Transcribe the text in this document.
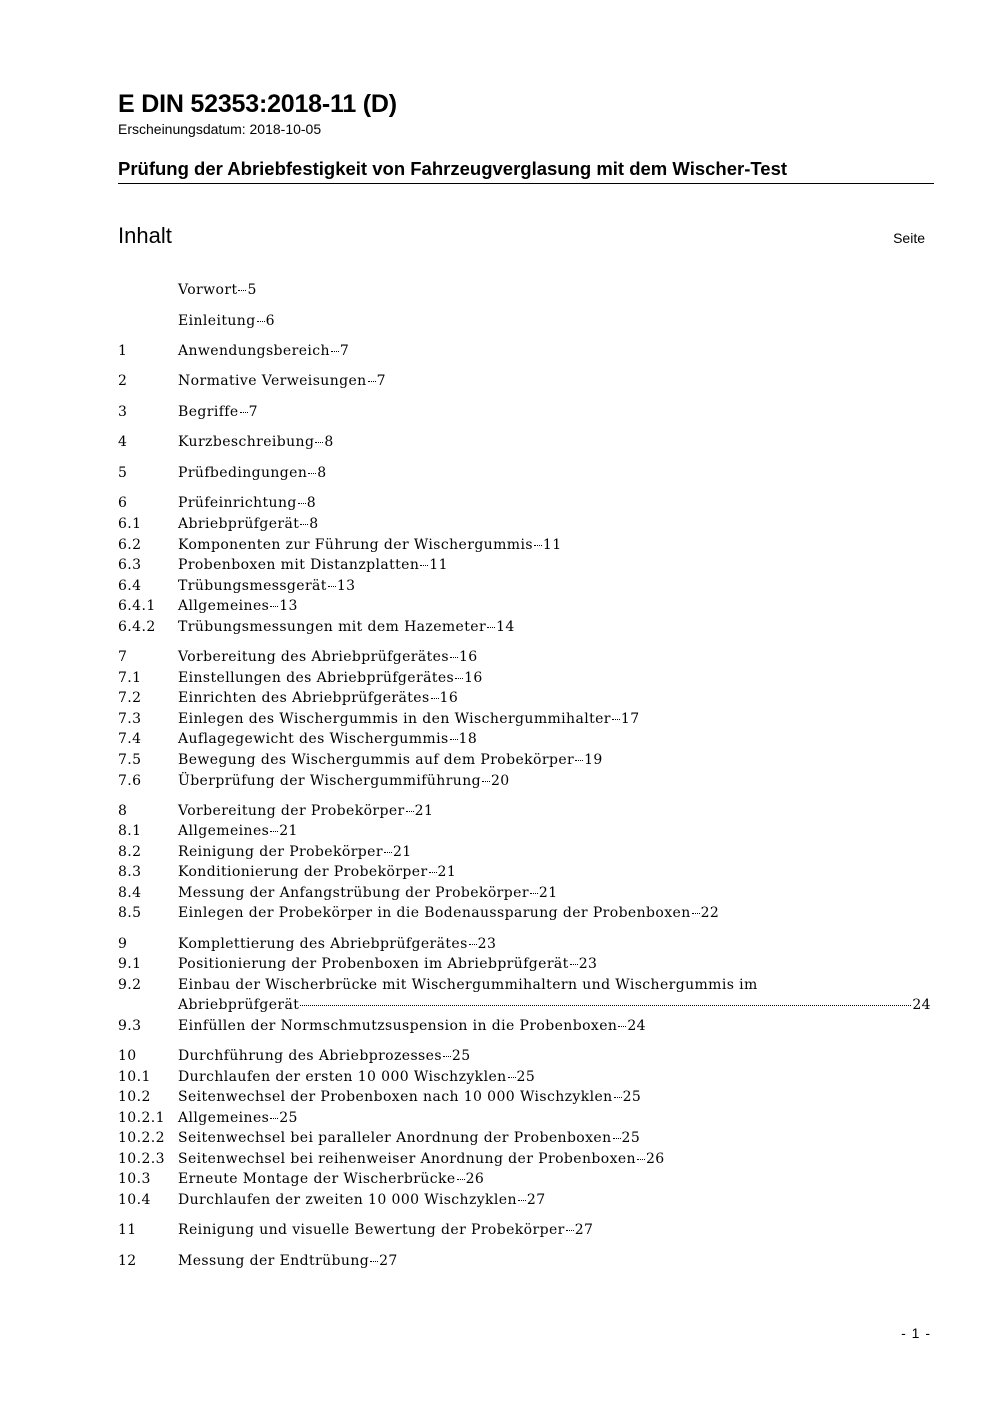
E DIN 52353:2018-11 (D)
Erscheinungsdatum: 2018-10-05
Prüfung der Abriebfestigkeit von Fahrzeugverglasung mit dem Wischer-Test
Inhalt	Seite
Vorwort 5
Einleitung 6
1	Anwendungsbereich 7
2	Normative Verweisungen 7
3	Begriffe 7
4	Kurzbeschreibung 8
5	Prüfbedingungen 8
6	Prüfeinrichtung 8
6.1	Abriebprüfgerät 8
6.2	Komponenten zur Führung der Wischergummis 11
6.3	Probenboxen mit Distanzplatten 11
6.4	Trübungsmessgerät 13
6.4.1	Allgemeines 13
6.4.2	Trübungsmessungen mit dem Hazemeter 14
7	Vorbereitung des Abriebprüfgerätes 16
7.1	Einstellungen des Abriebprüfgerätes 16
7.2	Einrichten des Abriebprüfgerätes 16
7.3	Einlegen des Wischergummis in den Wischergummihalter 17
7.4	Auflagegewicht des Wischergummis 18
7.5	Bewegung des Wischergummis auf dem Probekörper 19
7.6	Überprüfung der Wischergummiführung 20
8	Vorbereitung der Probekörper 21
8.1	Allgemeines 21
8.2	Reinigung der Probekörper 21
8.3	Konditionierung der Probekörper 21
8.4	Messung der Anfangstrübung der Probekörper 21
8.5	Einlegen der Probekörper in die Bodenaussparung der Probenboxen 22
9	Komplettierung des Abriebprüfgerätes 23
9.1	Positionierung der Probenboxen im Abriebprüfgerät 23
9.2	Einbau der Wischerbrücke mit Wischergummihaltern und Wischergummis im
Abriebprüfgerät	24
9.3	Einfüllen der Normschmutzsuspension in die Probenboxen 24
10	Durchführung des Abriebprozesses 25
10.1	Durchlaufen der ersten 10 000 Wischzyklen 25
10.2	Seitenwechsel der Probenboxen nach 10 000 Wischzyklen 25
10.2.1 Allgemeines 25
10.2.2 Seitenwechsel bei paralleler Anordnung der Probenboxen 25
10.2.3 Seitenwechsel bei reihenweiser Anordnung der Probenboxen 26
10.3	Erneute Montage der Wischerbrücke 26
10.4	Durchlaufen der zweiten 10 000 Wischzyklen 27
11	Reinigung und visuelle Bewertung der Probekörper 27
12	Messung der Endtrübung 27
- 1 -
